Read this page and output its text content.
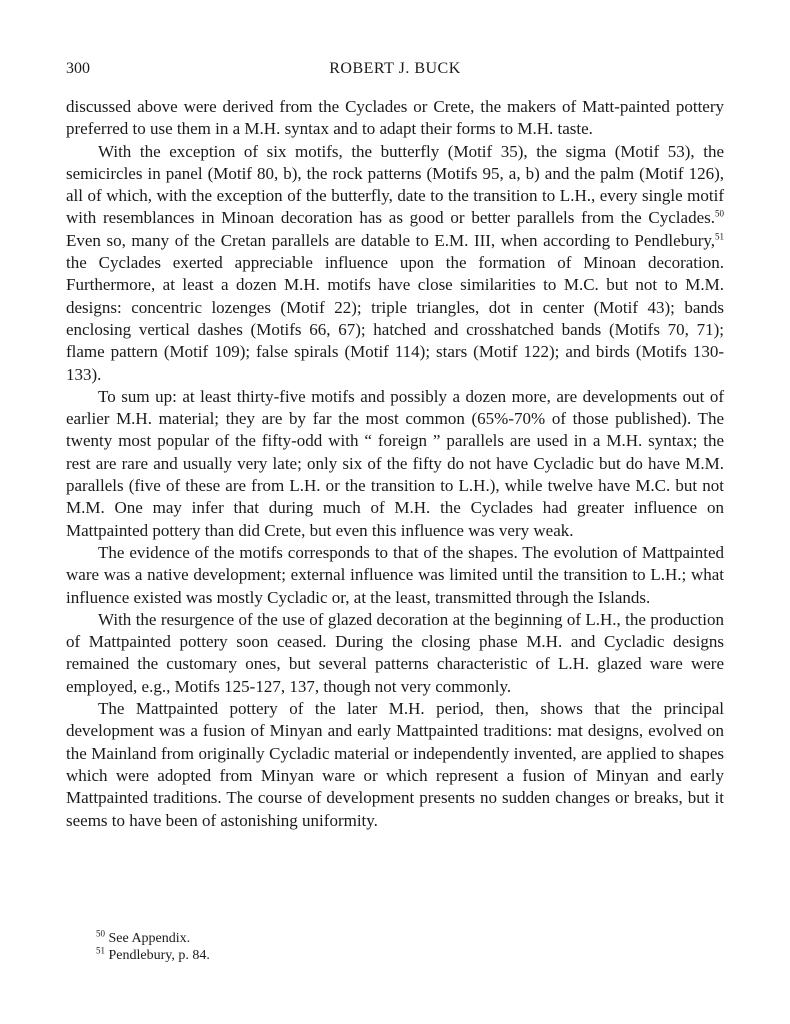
300	ROBERT J. BUCK

discussed above were derived from the Cyclades or Crete, the makers of Matt-painted pottery preferred to use them in a M.H. syntax and to adapt their forms to M.H. taste.

With the exception of six motifs, the butterfly (Motif 35), the sigma (Motif 53), the semicircles in panel (Motif 80, b), the rock patterns (Motifs 95, a, b) and the palm (Motif 126), all of which, with the exception of the butterfly, date to the transition to L.H., every single motif with resemblances in Minoan decoration has as good or better parallels from the Cyclades.$^{50}$ Even so, many of the Cretan parallels are datable to E.M. III, when according to Pendlebury,$^{51}$ the Cyclades exerted appreciable influence upon the formation of Minoan decoration. Furthermore, at least a dozen M.H. motifs have close similarities to M.C. but not to M.M. designs: concentric lozenges (Motif 22); triple triangles, dot in center (Motif 43); bands enclosing vertical dashes (Motifs 66, 67); hatched and crosshatched bands (Motifs 70, 71); flame pattern (Motif 109); false spirals (Motif 114); stars (Motif 122); and birds (Motifs 130-133).

To sum up: at least thirty-five motifs and possibly a dozen more, are developments out of earlier M.H. material; they are by far the most common (65%-70% of those published). The twenty most popular of the fifty-odd with “ foreign ” parallels are used in a M.H. syntax; the rest are rare and usually very late; only six of the fifty do not have Cycladic but do have M.M. parallels (five of these are from L.H. or the transition to L.H.), while twelve have M.C. but not M.M. One may infer that during much of M.H. the Cyclades had greater influence on Mattpainted pottery than did Crete, but even this influence was very weak.

The evidence of the motifs corresponds to that of the shapes. The evolution of Mattpainted ware was a native development; external influence was limited until the transition to L.H.; what influence existed was mostly Cycladic or, at the least, transmitted through the Islands.

With the resurgence of the use of glazed decoration at the beginning of L.H., the production of Mattpainted pottery soon ceased. During the closing phase M.H. and Cycladic designs remained the customary ones, but several patterns characteristic of L.H. glazed ware were employed, e.g., Motifs 125-127, 137, though not very commonly.

The Mattpainted pottery of the later M.H. period, then, shows that the principal development was a fusion of Minyan and early Mattpainted traditions: mat designs, evolved on the Mainland from originally Cycladic material or independently invented, are applied to shapes which were adopted from Minyan ware or which represent a fusion of Minyan and early Mattpainted traditions. The course of development presents no sudden changes or breaks, but it seems to have been of astonishing uniformity.

$^{50}$ See Appendix.
$^{51}$ Pendlebury, p. 84.
